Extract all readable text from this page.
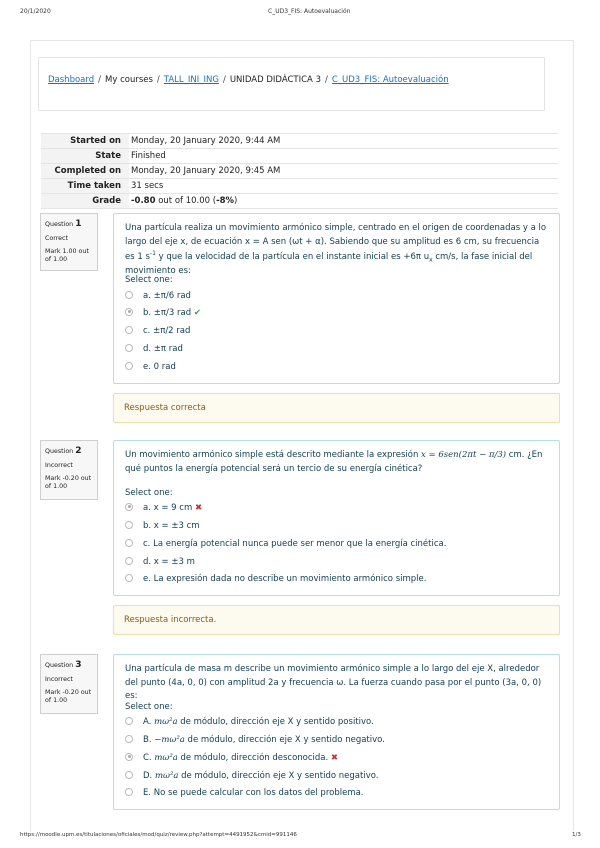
20/1/2020	C_UD3_FIS: Autoevaluación
Dashboard / My courses / TALL_INI_ING / UNIDAD DIDÁCTICA 3 / C_UD3_FIS: Autoevaluación
Started on	Monday, 20 January 2020, 9:44 AM
State	Finished
Completed on	Monday, 20 January 2020, 9:45 AM
Time taken	31 secs
Grade	-0.80 out of 10.00 (-8%)
Question 1
Correct
Mark 1.00 out of 1.00
Una partícula realiza un movimiento armónico simple, centrado en el origen de coordenadas y a lo largo del eje x, de ecuación x = A sen (ωt + α). Sabiendo que su amplitud es 6 cm, su frecuencia es 1 $s^{-1}$ y que la velocidad de la partícula en el instante inicial es +6π $u_x$ cm/s, la fase inicial del movimiento es:
Select one:
a. ±π/6 rad
b. ±π/3 rad ✔
c. ±π/2 rad
d. ±π rad
e. 0 rad
Respuesta correcta
Question 2
Incorrect
Mark -0.20 out of 1.00
Un movimiento armónico simple está descrito mediante la expresión x = 6sen(2πt − π/3) cm. ¿En qué puntos la energía potencial será un tercio de su energía cinética?
Select one:
a. x = 9 cm ✖
b. x = ±3 cm
c. La energía potencial nunca puede ser menor que la energía cinética.
d. x = ±3 m
e. La expresión dada no describe un movimiento armónico simple.
Respuesta incorrecta.
Question 3
Incorrect
Mark -0.20 out of 1.00
Una partícula de masa m describe un movimiento armónico simple a lo largo del eje X, alrededor del punto (4a, 0, 0) con amplitud 2a y frecuencia ω. La fuerza cuando pasa por el punto (3a, 0, 0) es:
Select one:
A. mω²a de módulo, dirección eje X y sentido positivo.
B. −mω²a de módulo, dirección eje X y sentido negativo.
C. mω²a de módulo, dirección desconocida. ✖
D. mω²a de módulo, dirección eje X y sentido negativo.
E. No se puede calcular con los datos del problema.
https://moodle.upm.es/titulaciones/oficiales/mod/quiz/review.php?attempt=4491952&cmid=991146	1/3
